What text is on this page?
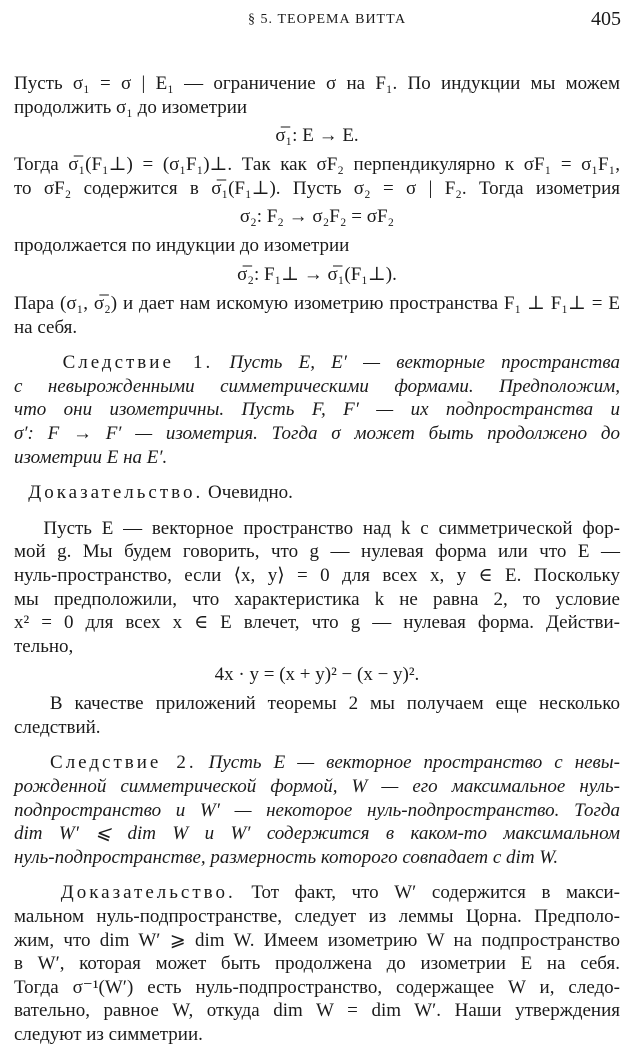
§ 5. ТЕОРЕМА ВИТТА	405
Пусть σ₁ = σ | E₁ — ограничение σ на F₁. По индукции мы можем
продолжить σ₁ до изометрии
σ̅₁: E → E.
Тогда σ̅₁(F₁⊥) = (σ₁F₁)⊥. Так как σF₂ перпендикулярно к σF₁ = σ₁F₁,
то σF₂ содержится в σ̅₁(F₁⊥). Пусть σ₂ = σ | F₂. Тогда изометрия
σ₂: F₂ → σ₂F₂ = σF₂
продолжается по индукции до изометрии
σ̅₂: F₁⊥ → σ̅₁(F₁⊥).
Пара (σ₁, σ̅₂) и дает нам искомую изометрию пространства F₁ ⊥ F₁⊥ = E
на себя.
Следствие 1. Пусть E, E′ — векторные пространства
с невырожденными симметрическими формами. Предположим,
что они изометричны. Пусть F, F′ — их подпространства и
σ′: F → F′ — изометрия. Тогда σ может быть продолжено до
изометрии E на E′.
Доказательство. Очевидно.
Пусть E — векторное пространство над k с симметрической фор-
мой g. Мы будем говорить, что g — нулевая форма или что E —
нуль-пространство, если ⟨x, y⟩ = 0 для всех x, y ∈ E. Поскольку
мы предположили, что характеристика k не равна 2, то условие
x² = 0 для всех x ∈ E влечет, что g — нулевая форма. Действи-
тельно,
4x · y = (x + y)² − (x − y)².
В качестве приложений теоремы 2 мы получаем еще несколько
следствий.
Следствие 2. Пусть E — векторное пространство с невы-
рожденной симметрической формой, W — его максимальное нуль-
подпространство и W′ — некоторое нуль-подпространство. Тогда
dim W′ ⩽ dim W и W′ содержится в каком-то максимальном
нуль-подпространстве, размерность которого совпадает с dim W.
Доказательство. Тот факт, что W′ содержится в макси-
мальном нуль-подпространстве, следует из леммы Цорна. Предполо-
жим, что dim W′ ⩾ dim W. Имеем изометрию W на подпространство
в W′, которая может быть продолжена до изометрии E на себя.
Тогда σ⁻¹(W′) есть нуль-подпространство, содержащее W и, следо-
вательно, равное W, откуда dim W = dim W′. Наши утверждения
следуют из симметрии.
